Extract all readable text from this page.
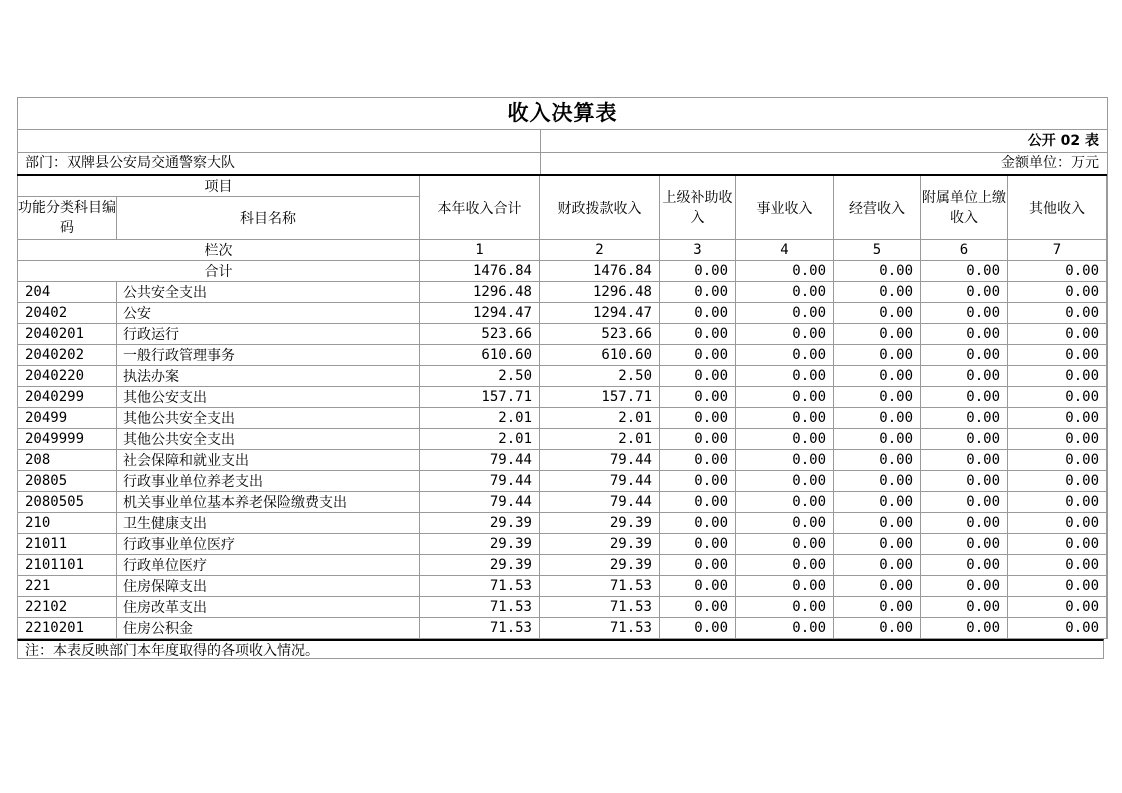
收入决算表
公开 02 表
部门：双牌县公安局交通警察大队	金额单位：万元
项目		本年收入合计	财政拨款收入	上级补助收入	事业收入	经营收入	附属单位上缴收入	其他收入
功能分类科目编码	科目名称							
栏次		1	2	3	4	5	6	7
合计		1476.84	1476.84	0.00	0.00	0.00	0.00	0.00
204	公共安全支出	1296.48	1296.48	0.00	0.00	0.00	0.00	0.00
20402	公安	1294.47	1294.47	0.00	0.00	0.00	0.00	0.00
2040201	行政运行	523.66	523.66	0.00	0.00	0.00	0.00	0.00
2040202	一般行政管理事务	610.60	610.60	0.00	0.00	0.00	0.00	0.00
2040220	执法办案	2.50	2.50	0.00	0.00	0.00	0.00	0.00
2040299	其他公安支出	157.71	157.71	0.00	0.00	0.00	0.00	0.00
20499	其他公共安全支出	2.01	2.01	0.00	0.00	0.00	0.00	0.00
2049999	其他公共安全支出	2.01	2.01	0.00	0.00	0.00	0.00	0.00
208	社会保障和就业支出	79.44	79.44	0.00	0.00	0.00	0.00	0.00
20805	行政事业单位养老支出	79.44	79.44	0.00	0.00	0.00	0.00	0.00
2080505	机关事业单位基本养老保险缴费支出	79.44	79.44	0.00	0.00	0.00	0.00	0.00
210	卫生健康支出	29.39	29.39	0.00	0.00	0.00	0.00	0.00
21011	行政事业单位医疗	29.39	29.39	0.00	0.00	0.00	0.00	0.00
2101101	行政单位医疗	29.39	29.39	0.00	0.00	0.00	0.00	0.00
221	住房保障支出	71.53	71.53	0.00	0.00	0.00	0.00	0.00
22102	住房改革支出	71.53	71.53	0.00	0.00	0.00	0.00	0.00
2210201	住房公积金	71.53	71.53	0.00	0.00	0.00	0.00	0.00
注：本表反映部门本年度取得的各项收入情况。
